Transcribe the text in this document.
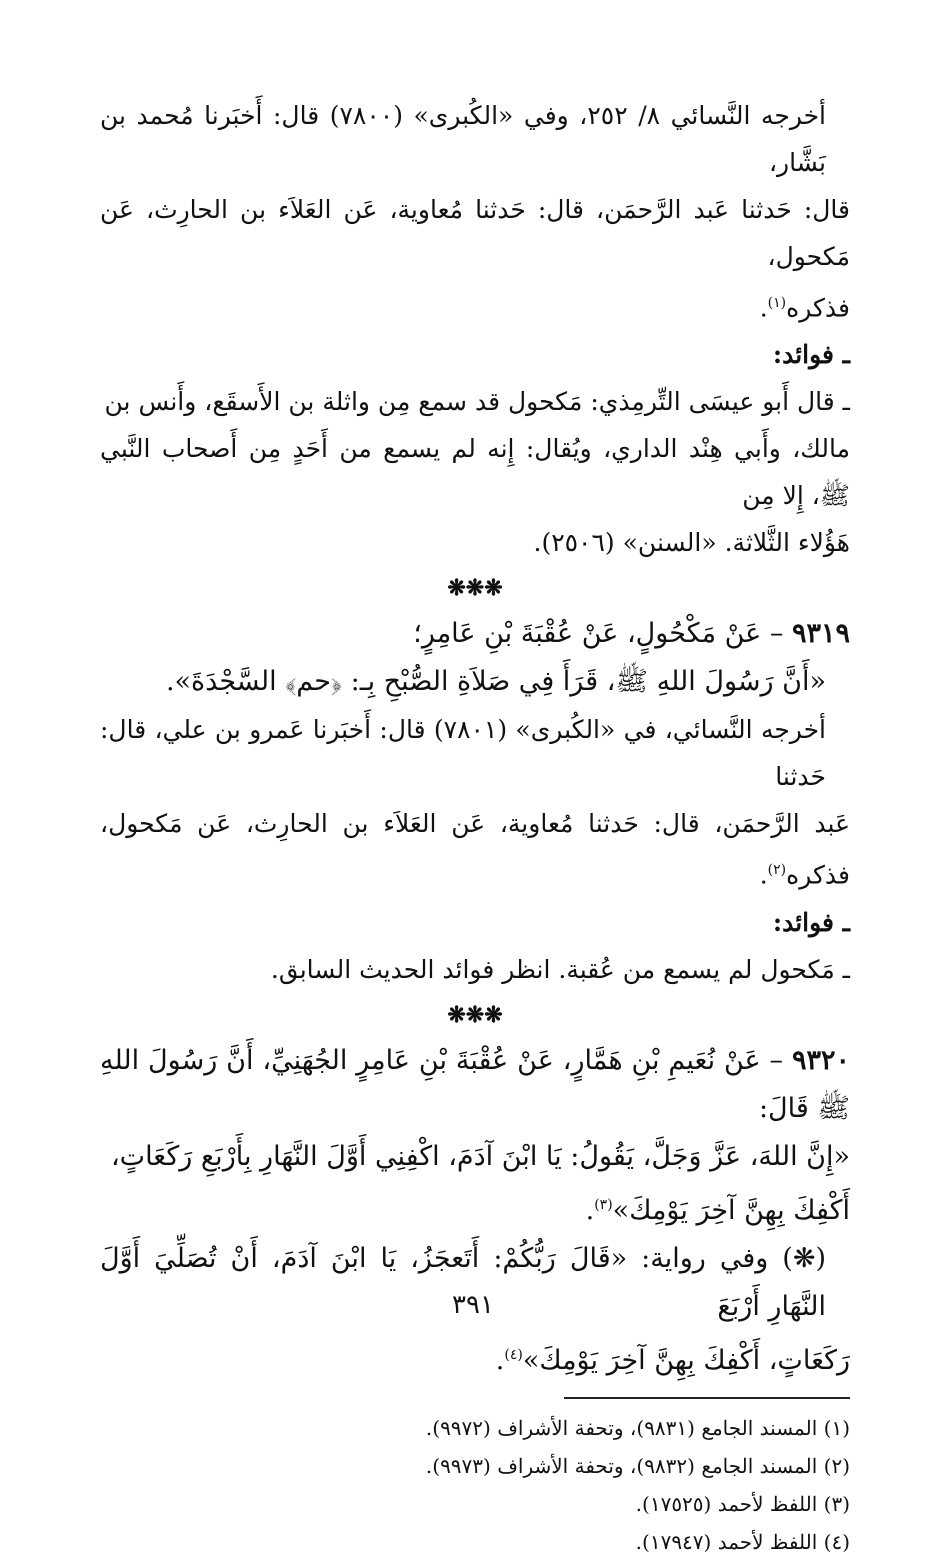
أخرجه النَّسائي ٨/ ٢٥٢، وفي «الكُبرى» (٧٨٠٠) قال: أَخبَرنا مُحمد بن بَشَّار،

قال: حَدثنا عَبد الرَّحمَن، قال: حَدثنا مُعاوية، عَن العَلاَء بن الحارِث، عَن مَكحول،

فذكره$^{(١)}$.

ـ فوائد:

ـ قال أَبو عيسَى التِّرمِذي: مَكحول قد سمع مِن واثلة بن الأَسقَع، وأَنس بن

مالك، وأَبي هِنْد الداري، ويُقال: إِنه لم يسمع من أَحَدٍ مِن أَصحاب النَّبي ﷺ، إِلا مِن

هَؤُلاء الثَّلاثة. «السنن» (٢٥٠٦).

❋❋❋

٩٣١٩ – عَنْ مَكْحُولٍ، عَنْ عُقْبَةَ بْنِ عَامِرٍ؛

«أَنَّ رَسُولَ اللهِ ﷺ، قَرَأَ فِي صَلاَةِ الصُّبْحِ بِـ: ﴿حم﴾ السَّجْدَةَ».

أخرجه النَّسائي، في «الكُبرى» (٧٨٠١) قال: أَخبَرنا عَمرو بن علي، قال: حَدثنا

عَبد الرَّحمَن، قال: حَدثنا مُعاوية، عَن العَلاَء بن الحارِث، عَن مَكحول، فذكره$^{(٢)}$.

ـ فوائد:

ـ مَكحول لم يسمع من عُقبة. انظر فوائد الحديث السابق.

❋❋❋

٩٣٢٠ – عَنْ نُعَيمِ بْنِ هَمَّارٍ، عَنْ عُقْبَةَ بْنِ عَامِرٍ الجُهَنِيِّ، أَنَّ رَسُولَ اللهِ ﷺ قَالَ:

«إِنَّ اللهَ، عَزَّ وَجَلَّ، يَقُولُ: يَا ابْنَ آدَمَ، اكْفِنِي أَوَّلَ النَّهَارِ بِأَرْبَعِ رَكَعَاتٍ،

أَكْفِكَ بِهِنَّ آخِرَ يَوْمِكَ»$^{(٣)}$.

(❋) وفي رواية: «قَالَ رَبُّكُمْ: أَتَعجَزُ، يَا ابْنَ آدَمَ، أَنْ تُصَلِّيَ أَوَّلَ النَّهَارِ أَرْبَعَ

رَكَعَاتٍ، أَكْفِكَ بِهِنَّ آخِرَ يَوْمِكَ»$^{(٤)}$.

(١) المسند الجامع (٩٨٣١)، وتحفة الأشراف (٩٩٧٢).

(٢) المسند الجامع (٩٨٣٢)، وتحفة الأشراف (٩٩٧٣).

(٣) اللفظ لأحمد (١٧٥٢٥).

(٤) اللفظ لأحمد (١٧٩٤٧).

٣٩١
